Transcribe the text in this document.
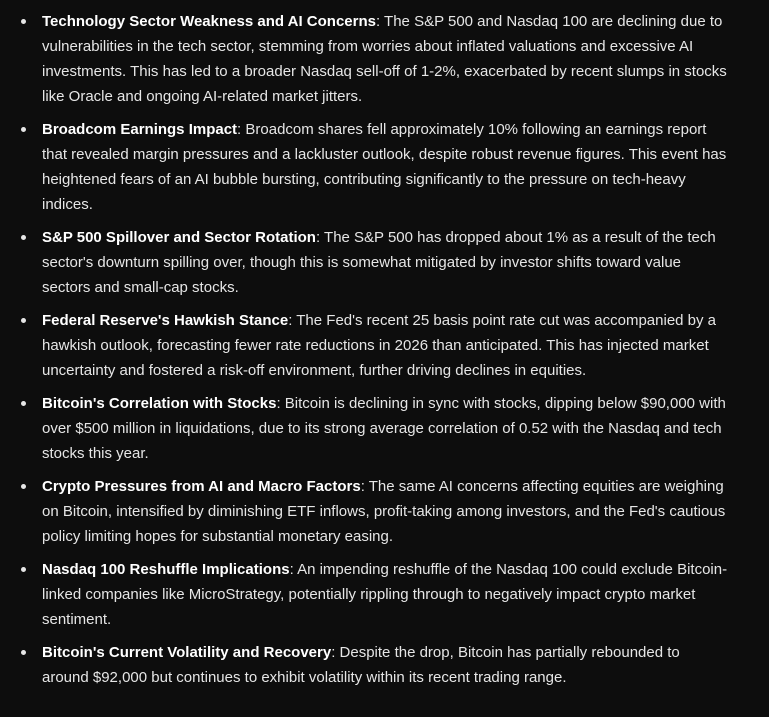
Technology Sector Weakness and AI Concerns: The S&P 500 and Nasdaq 100 are declining due to vulnerabilities in the tech sector, stemming from worries about inflated valuations and excessive AI investments. This has led to a broader Nasdaq sell-off of 1-2%, exacerbated by recent slumps in stocks like Oracle and ongoing AI-related market jitters.
Broadcom Earnings Impact: Broadcom shares fell approximately 10% following an earnings report that revealed margin pressures and a lackluster outlook, despite robust revenue figures. This event has heightened fears of an AI bubble bursting, contributing significantly to the pressure on tech-heavy indices.
S&P 500 Spillover and Sector Rotation: The S&P 500 has dropped about 1% as a result of the tech sector's downturn spilling over, though this is somewhat mitigated by investor shifts toward value sectors and small-cap stocks.
Federal Reserve's Hawkish Stance: The Fed's recent 25 basis point rate cut was accompanied by a hawkish outlook, forecasting fewer rate reductions in 2026 than anticipated. This has injected market uncertainty and fostered a risk-off environment, further driving declines in equities.
Bitcoin's Correlation with Stocks: Bitcoin is declining in sync with stocks, dipping below $90,000 with over $500 million in liquidations, due to its strong average correlation of 0.52 with the Nasdaq and tech stocks this year.
Crypto Pressures from AI and Macro Factors: The same AI concerns affecting equities are weighing on Bitcoin, intensified by diminishing ETF inflows, profit-taking among investors, and the Fed's cautious policy limiting hopes for substantial monetary easing.
Nasdaq 100 Reshuffle Implications: An impending reshuffle of the Nasdaq 100 could exclude Bitcoin-linked companies like MicroStrategy, potentially rippling through to negatively impact crypto market sentiment.
Bitcoin's Current Volatility and Recovery: Despite the drop, Bitcoin has partially rebounded to around $92,000 but continues to exhibit volatility within its recent trading range.
